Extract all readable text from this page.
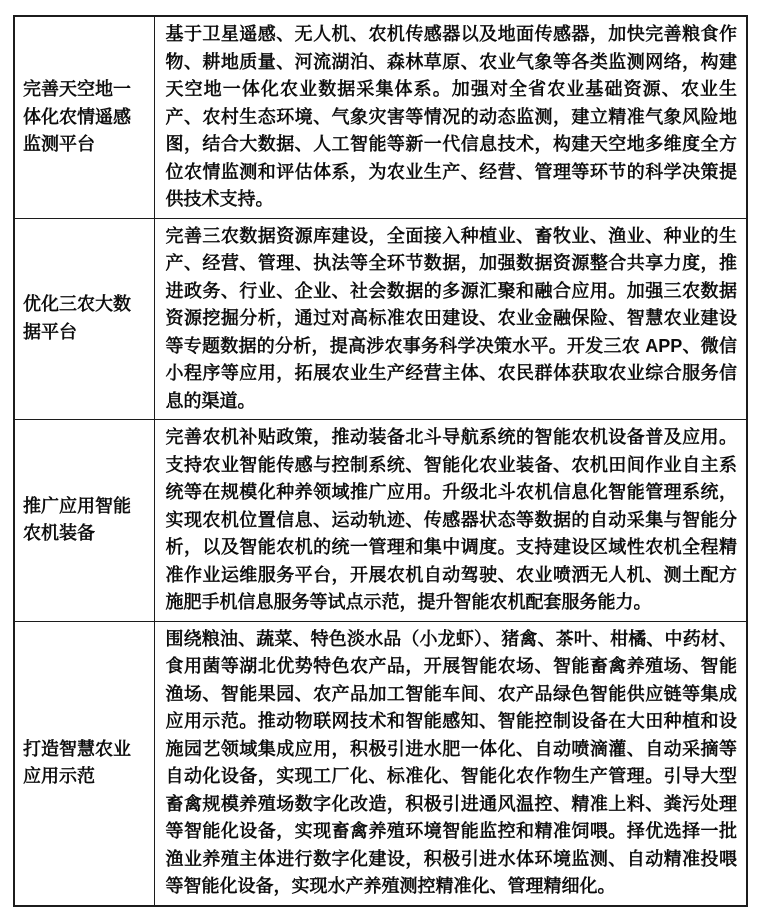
完善天空地一体化农情遥感监测平台	基于卫星遥感、无人机、农机传感器以及地面传感器，加快完善粮食作物、耕地质量、河流湖泊、森林草原、农业气象等各类监测网络，构建天空地一体化农业数据采集体系。加强对全省农业基础资源、农业生产、农村生态环境、气象灾害等情况的动态监测，建立精准气象风险地图，结合大数据、人工智能等新一代信息技术，构建天空地多维度全方位农情监测和评估体系，为农业生产、经营、管理等环节的科学决策提供技术支持。
优化三农大数据平台	完善三农数据资源库建设，全面接入种植业、畜牧业、渔业、种业的生产、经营、管理、执法等全环节数据，加强数据资源整合共享力度，推进政务、行业、企业、社会数据的多源汇聚和融合应用。加强三农数据资源挖掘分析，通过对高标准农田建设、农业金融保险、智慧农业建设等专题数据的分析，提高涉农事务科学决策水平。开发三农 APP、微信小程序等应用，拓展农业生产经营主体、农民群体获取农业综合服务信息的渠道。
推广应用智能农机装备	完善农机补贴政策，推动装备北斗导航系统的智能农机设备普及应用。支持农业智能传感与控制系统、智能化农业装备、农机田间作业自主系统等在规模化种养领域推广应用。升级北斗农机信息化智能管理系统，实现农机位置信息、运动轨迹、传感器状态等数据的自动采集与智能分析，以及智能农机的统一管理和集中调度。支持建设区域性农机全程精准作业运维服务平台，开展农机自动驾驶、农业喷洒无人机、测土配方施肥手机信息服务等试点示范，提升智能农机配套服务能力。
打造智慧农业应用示范	围绕粮油、蔬菜、特色淡水品（小龙虾）、猪禽、茶叶、柑橘、中药材、食用菌等湖北优势特色农产品，开展智能农场、智能畜禽养殖场、智能渔场、智能果园、农产品加工智能车间、农产品绿色智能供应链等集成应用示范。推动物联网技术和智能感知、智能控制设备在大田种植和设施园艺领域集成应用，积极引进水肥一体化、自动喷滴灌、自动采摘等自动化设备，实现工厂化、标准化、智能化农作物生产管理。引导大型畜禽规模养殖场数字化改造，积极引进通风温控、精准上料、粪污处理等智能化设备，实现畜禽养殖环境智能监控和精准饲喂。择优选择一批渔业养殖主体进行数字化建设，积极引进水体环境监测、自动精准投喂等智能化设备，实现水产养殖测控精准化、管理精细化。
